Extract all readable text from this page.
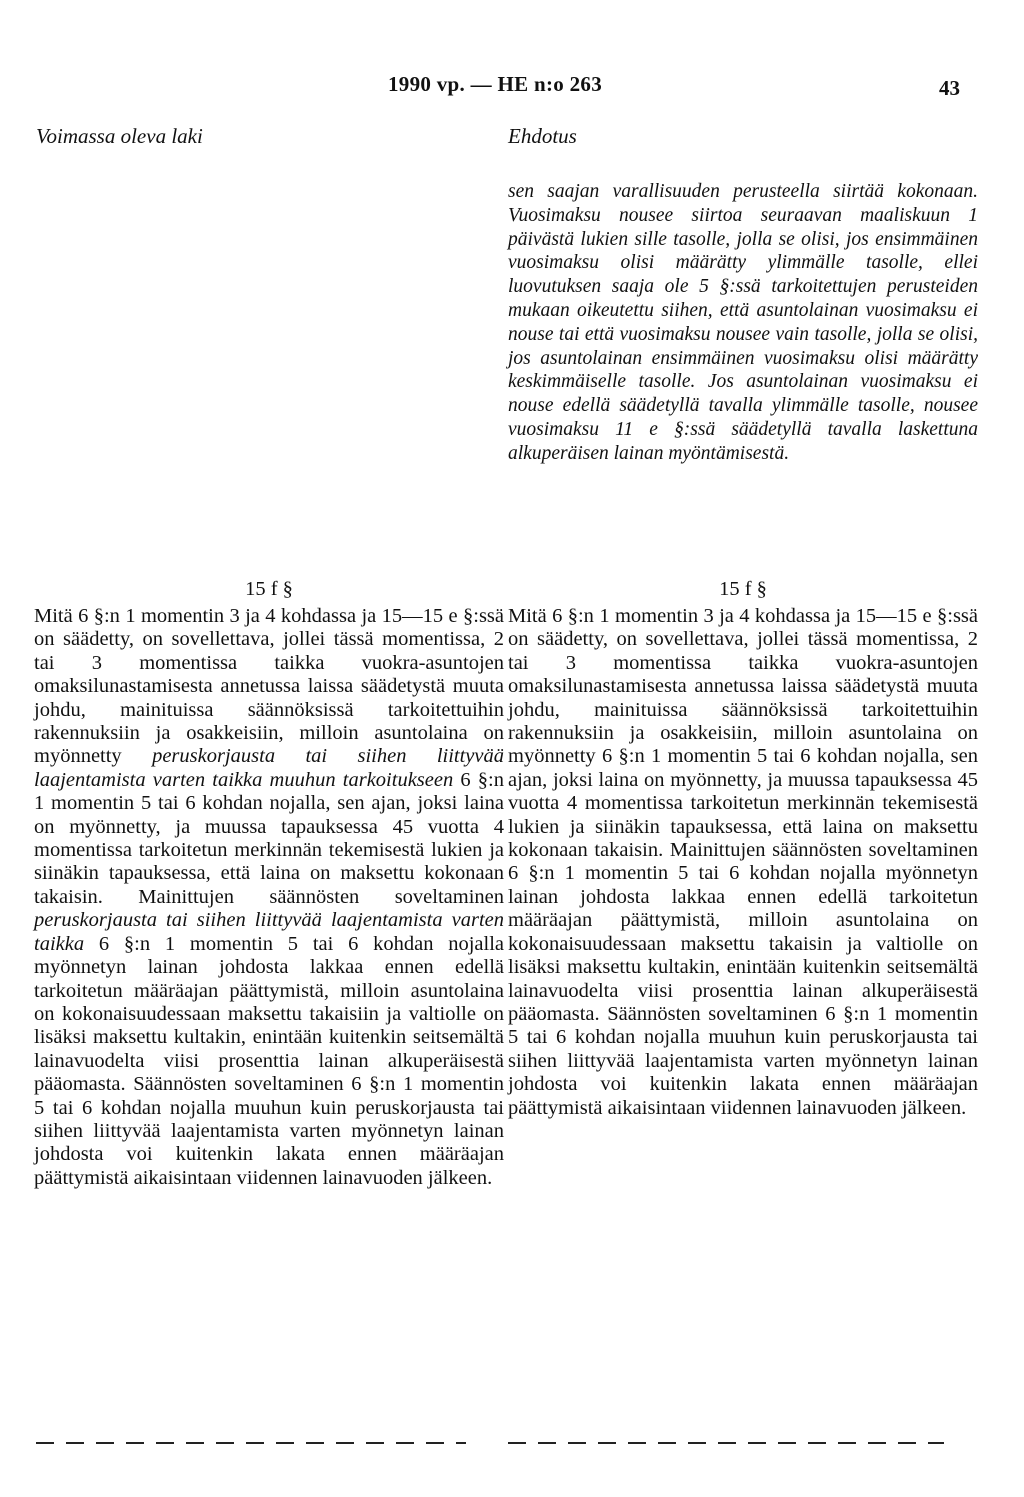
1990 vp. — HE n:o 263	43
Voimassa oleva laki	Ehdotus
sen saajan varallisuuden perusteella siirtää kokonaan. Vuosimaksu nousee siirtoa seuraavan maaliskuun 1 päivästä lukien sille tasolle, jolla se olisi, jos ensimmäinen vuosimaksu olisi määrätty ylimmälle tasolle, ellei luovutuksen saaja ole 5 §:ssä tarkoitettujen perusteiden mukaan oikeutettu siihen, että asuntolainan vuosimaksu ei nouse tai että vuosimaksu nousee vain tasolle, jolla se olisi, jos asuntolainan ensimmäinen vuosimaksu olisi määrätty keskimmäiselle tasolle. Jos asuntolainan vuosimaksu ei nouse edellä säädetyllä tavalla ylimmälle tasolle, nousee vuosimaksu 11 e §:ssä säädetyllä tavalla laskettuna alkuperäisen lainan myöntämisestä.
15 f §
Mitä 6 §:n 1 momentin 3 ja 4 kohdassa ja 15—15 e §:ssä on säädetty, on sovellettava, jollei tässä momentissa, 2 tai 3 momentissa taikka vuokra-asuntojen omaksilunastamisesta annetussa laissa säädetystä muuta johdu, mainituissa säännöksissä tarkoitettuihin rakennuksiin ja osakkeisiin, milloin asuntolaina on myönnetty peruskorjausta tai siihen liittyvää laajentamista varten taikka muuhun tarkoitukseen 6 §:n 1 momentin 5 tai 6 kohdan nojalla, sen ajan, joksi laina on myönnetty, ja muussa tapauksessa 45 vuotta 4 momentissa tarkoitetun merkinnän tekemisestä lukien ja siinäkin tapauksessa, että laina on maksettu kokonaan takaisin. Mainittujen säännösten soveltaminen peruskorjausta tai siihen liittyvää laajentamista varten taikka 6 §:n 1 momentin 5 tai 6 kohdan nojalla myönnetyn lainan johdosta lakkaa ennen edellä tarkoitetun määräajan päättymistä, milloin asuntolaina on kokonaisuudessaan maksettu takaisiin ja valtiolle on lisäksi maksettu kultakin, enintään kuitenkin seitsemältä lainavuodelta viisi prosenttia lainan alkuperäisestä pääomasta. Säännösten soveltaminen 6 §:n 1 momentin 5 tai 6 kohdan nojalla muuhun kuin peruskorjausta tai siihen liittyvää laajentamista varten myönnetyn lainan johdosta voi kuitenkin lakata ennen määräajan päättymistä aikaisintaan viidennen lainavuoden jälkeen.
15 f §
Mitä 6 §:n 1 momentin 3 ja 4 kohdassa ja 15—15 e §:ssä on säädetty, on sovellettava, jollei tässä momentissa, 2 tai 3 momentissa taikka vuokra-asuntojen omaksilunastamisesta annetussa laissa säädetystä muuta johdu, mainituissa säännöksissä tarkoitettuihin rakennuksiin ja osakkeisiin, milloin asuntolaina on myönnetty 6 §:n 1 momentin 5 tai 6 kohdan nojalla, sen ajan, joksi laina on myönnetty, ja muussa tapauksessa 45 vuotta 4 momentissa tarkoitetun merkinnän tekemisestä lukien ja siinäkin tapauksessa, että laina on maksettu kokonaan takaisin. Mainittujen säännösten soveltaminen 6 §:n 1 momentin 5 tai 6 kohdan nojalla myönnetyn lainan johdosta lakkaa ennen edellä tarkoitetun määräajan päättymistä, milloin asuntolaina on kokonaisuudessaan maksettu takaisin ja valtiolle on lisäksi maksettu kultakin, enintään kuitenkin seitsemältä lainavuodelta viisi prosenttia lainan alkuperäisestä pääomasta. Säännösten soveltaminen 6 §:n 1 momentin 5 tai 6 kohdan nojalla muuhun kuin peruskorjausta tai siihen liittyvää laajentamista varten myönnetyn lainan johdosta voi kuitenkin lakata ennen määräajan päättymistä aikaisintaan viidennen lainavuoden jälkeen.
